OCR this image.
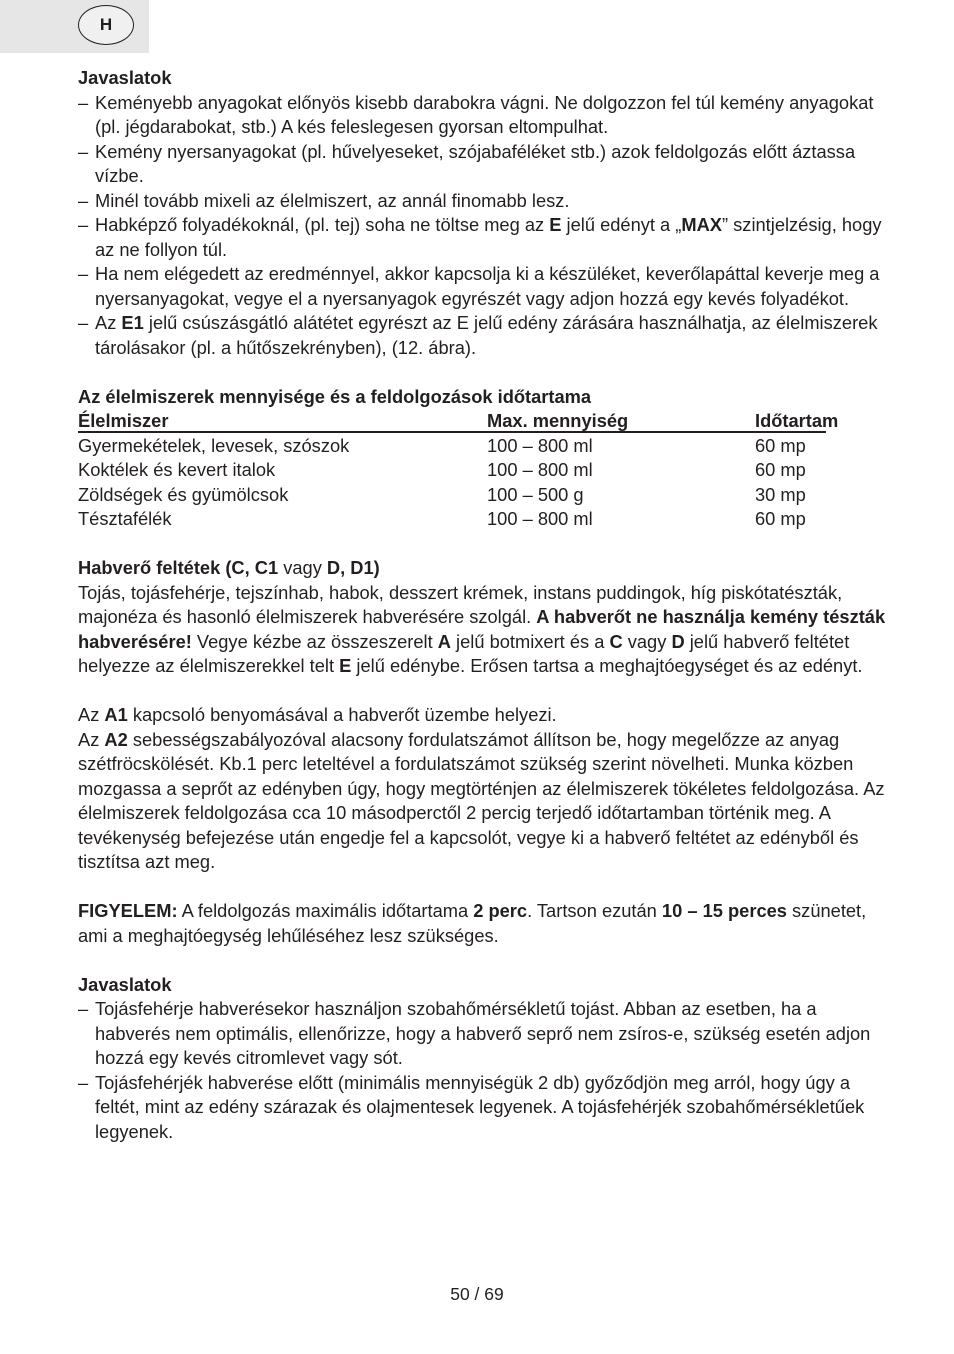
H
Javaslatok
– Keményebb anyagokat előnyös kisebb darabokra vágni. Ne dolgozzon fel túl kemény anyagokat (pl. jégdarabokat, stb.) A kés feleslegesen gyorsan eltompulhat.
– Kemény nyersanyagokat (pl. hűvelyeseket, szójabaféléket stb.) azok feldolgozás előtt áztassa vízbe.
– Minél tovább mixeli az élelmiszert, az annál finomabb lesz.
– Habképző folyadékoknál, (pl. tej) soha ne töltse meg az E jelű edényt a „MAX” szintjelzésig, hogy az ne follyon túl.
– Ha nem elégedett az eredménnyel, akkor kapcsolja ki a készüléket, keverőlapáttal keverje meg a nyersanyagokat, vegye el a nyersanyagok egyrészét vagy adjon hozzá egy kevés folyadékot.
– Az E1 jelű csúszásgátló alátétet egyrészt az E jelű edény zárására használhatja, az élelmiszerek tárolásakor (pl. a hűtőszekrényben), (12. ábra).
Az élelmiszerek mennyisége és a feldolgozások időtartama
Élelmiszer	Max. mennyiség	Időtartam
Gyermekételek, levesek, szószok	100 – 800 ml	60 mp
Koktélek és kevert italok	100 – 800 ml	60 mp
Zöldségek és gyümölcsok	100 – 500 g	30 mp
Tésztafélék	100 – 800 ml	60 mp
Habverő feltétek (C, C1 vagy D, D1)

Tojás, tojásfehérje, tejszínhab, habok, desszert krémek, instans puddingok, híg piskótatészták, majonéza és hasonló élelmiszerek habverésére szolgál. A habverőt ne használja kemény tészták habverésére! Vegye kézbe az összeszerelt A jelű botmixert és a C vagy D jelű habverő feltétet helyezze az élelmiszerekkel telt E jelű edénybe. Erősen tartsa a meghajtóegységet és az edényt.

Az A1 kapcsoló benyomásával a habverőt üzembe helyezi.

Az A2 sebességszabályozóval alacsony fordulatszámot állítson be, hogy megelőzze az anyag szétfröcskölését. Kb.1 perc leteltével a fordulatszámot szükség szerint növelheti. Munka közben mozgassa a seprőt az edényben úgy, hogy megtörténjen az élelmiszerek tökéletes feldolgozása. Az élelmiszerek feldolgozása cca 10 másodperctől 2 percig terjedő időtartamban történik meg. A tevékenység befejezése után engedje fel a kapcsolót, vegye ki a habverő feltétet az edényből és tisztítsa azt meg.

FIGYELEM: A feldolgozás maximális időtartama 2 perc. Tartson ezután 10 – 15 perces szünetet, ami a meghajtóegység lehűléséhez lesz szükséges.

Javaslatok
– Tojásfehérje habverésekor használjon szobahőmérsékletű tojást. Abban az esetben, ha a habverés nem optimális, ellenőrizze, hogy a habverő seprő nem zsíros-e, szükség esetén adjon hozzá egy kevés citromlevet vagy sót.
– Tojásfehérjék habverése előtt (minimális mennyiségük 2 db) győződjön meg arról, hogy úgy a feltét, mint az edény szárazak és olajmentesek legyenek. A tojásfehérjék szobahőmérsékletűek legyenek.
50 / 69
